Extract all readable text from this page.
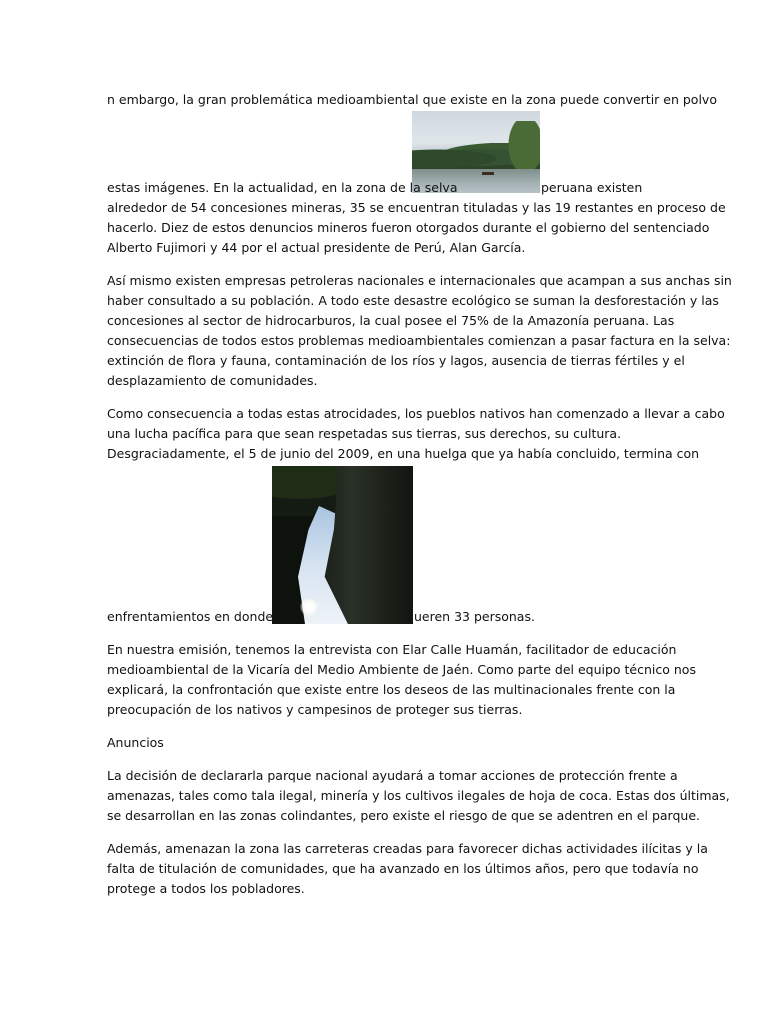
n embargo, la gran problemática medioambiental que existe en la zona puede convertir en polvo
estas imágenes. En la actualidad, en la zona de la selva	peruana existen
alrededor de 54 concesiones mineras, 35 se encuentran tituladas y las 19 restantes en proceso de
hacerlo. Diez de estos denuncios mineros fueron otorgados durante el gobierno del sentenciado
Alberto Fujimori y 44 por el actual presidente de Perú, Alan García.
Así mismo existen empresas petroleras nacionales e internacionales que acampan a sus anchas sin
haber consultado a su población. A todo este desastre ecológico se suman la desforestación y las
concesiones al sector de hidrocarburos, la cual posee el 75% de la Amazonía peruana. Las
consecuencias de todos estos problemas medioambientales comienzan a pasar factura en la selva:
extinción de flora y fauna, contaminación de los ríos y lagos, ausencia de tierras fértiles y el
desplazamiento de comunidades.
Como consecuencia a todas estas atrocidades, los pueblos nativos han comenzado a llevar a cabo
una lucha pacífica para que sean respetadas sus tierras, sus derechos, su cultura.
Desgraciadamente, el 5 de junio del 2009, en una huelga que ya había concluido, termina con
enfrentamientos en donde m	ueren 33 personas.
En nuestra emisión, tenemos la entrevista con Elar Calle Huamán, facilitador de educación
medioambiental de la Vicaría del Medio Ambiente de Jaén. Como parte del equipo técnico nos
explicará, la confrontación que existe entre los deseos de las multinacionales frente con la
preocupación de los nativos y campesinos de proteger sus tierras.
Anuncios
La decisión de declararla parque nacional ayudará a tomar acciones de protección frente a
amenazas, tales como tala ilegal, minería y los cultivos ilegales de hoja de coca. Estas dos últimas,
se desarrollan en las zonas colindantes, pero existe el riesgo de que se adentren en el parque.
Además, amenazan la zona las carreteras creadas para favorecer dichas actividades ilícitas y la
falta de titulación de comunidades, que ha avanzado en los últimos años, pero que todavía no
protege a todos los pobladores.
